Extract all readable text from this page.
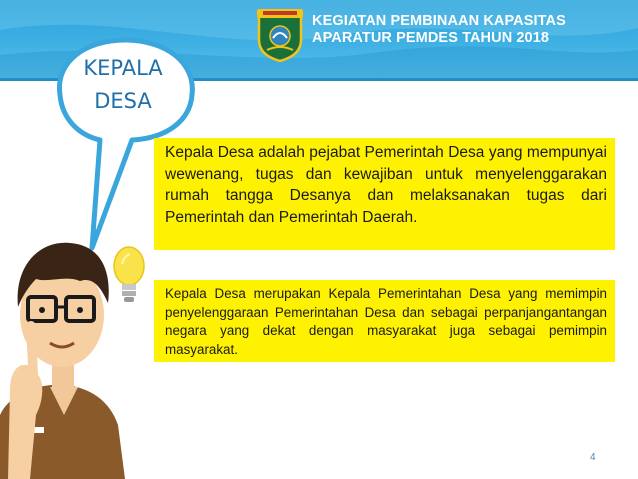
KEGIATAN PEMBINAAN KAPASITAS
APARATUR PEMDES TAHUN 2018
KEPALA
DESA
Kepala Desa adalah pejabat Pemerintah Desa yang mempunyai wewenang, tugas dan kewajiban untuk menyelenggarakan rumah tangga Desanya dan melaksanakan tugas dari Pemerintah dan Pemerintah Daerah.
Kepala Desa merupakan Kepala Pemerintahan Desa yang memimpin penyelenggaraan Pemerintahan Desa dan sebagai perpanjangantangan negara yang dekat dengan masyarakat juga sebagai pemimpin masyarakat.
4
